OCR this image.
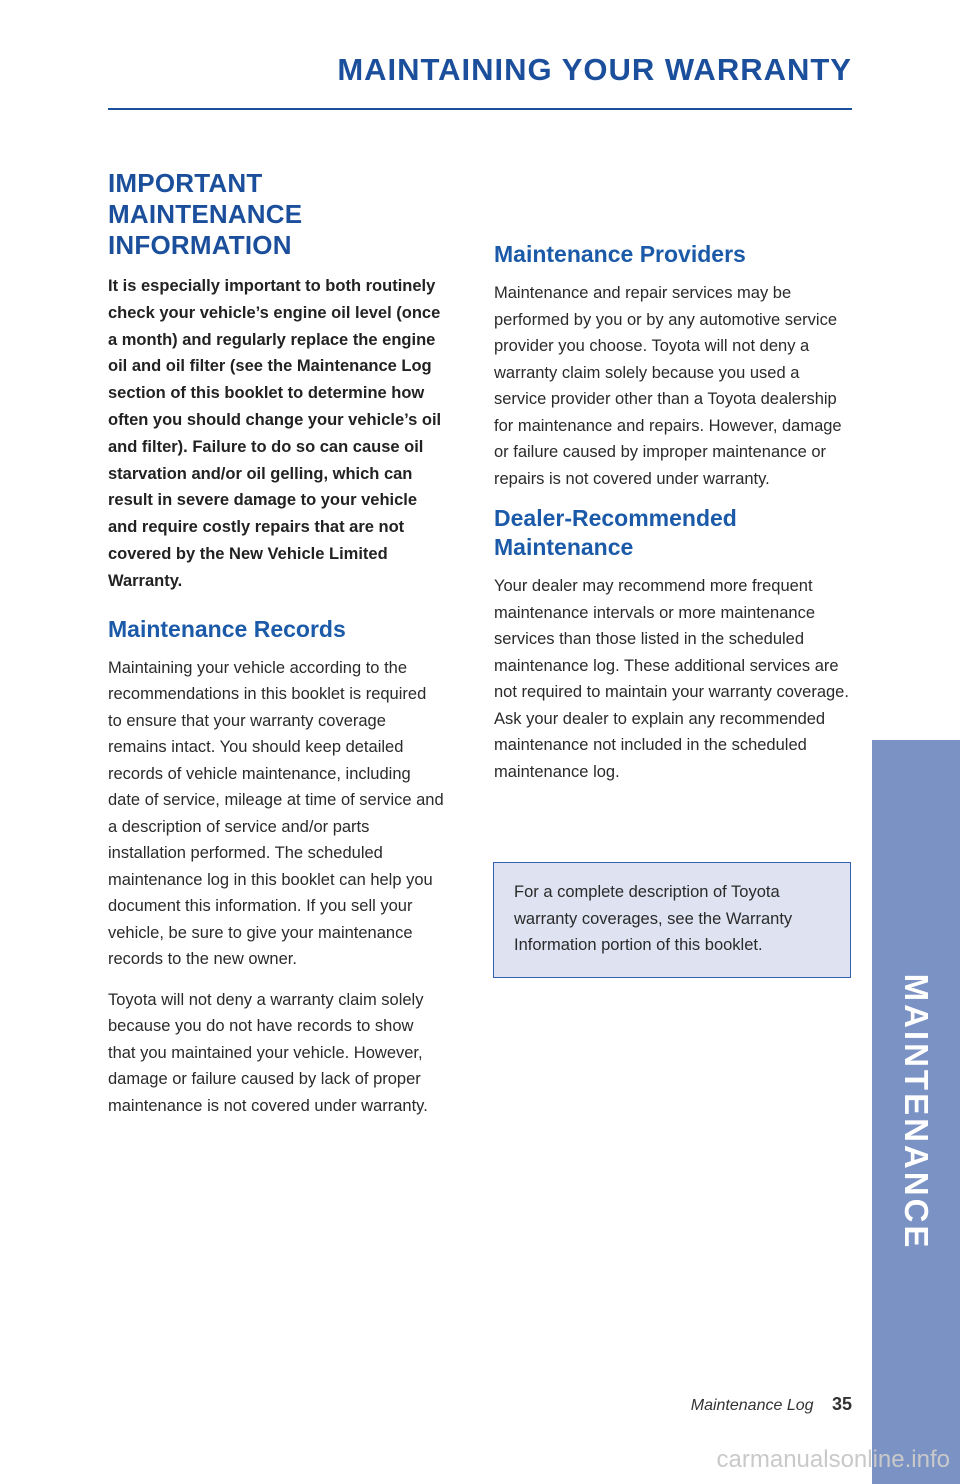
MAINTAINING YOUR WARRANTY
IMPORTANT MAINTENANCE INFORMATION

It is especially important to both routinely check your vehicle’s engine oil level (once a month) and regularly replace the engine oil and oil filter (see the Maintenance Log section of this booklet to determine how often you should change your vehicle’s oil and filter). Failure to do so can cause oil starvation and/or oil gelling, which can result in severe damage to your vehicle and require costly repairs that are not covered by the New Vehicle Limited Warranty.

Maintenance Records

Maintaining your vehicle according to the recommendations in this booklet is required to ensure that your warranty coverage remains intact. You should keep detailed records of vehicle maintenance, including date of service, mileage at time of service and a description of service and/or parts installation performed. The scheduled maintenance log in this booklet can help you document this information. If you sell your vehicle, be sure to give your maintenance records to the new owner.

Toyota will not deny a warranty claim solely because you do not have records to show that you maintained your vehicle. However, damage or failure caused by lack of proper maintenance is not covered under warranty.

Maintenance Providers

Maintenance and repair services may be performed by you or by any automotive service provider you choose. Toyota will not deny a warranty claim solely because you used a service provider other than a Toyota dealership for maintenance and repairs. However, damage or failure caused by improper maintenance or repairs is not covered under warranty.

Dealer-Recommended Maintenance

Your dealer may recommend more frequent maintenance intervals or more maintenance services than those listed in the scheduled maintenance log. These additional services are not required to maintain your warranty coverage. Ask your dealer to explain any recommended maintenance not included in the scheduled maintenance log.

For a complete description of Toyota warranty coverages, see the Warranty Information portion of this booklet.

MAINTENANCE
Maintenance Log 35
carmanualsonline.info
